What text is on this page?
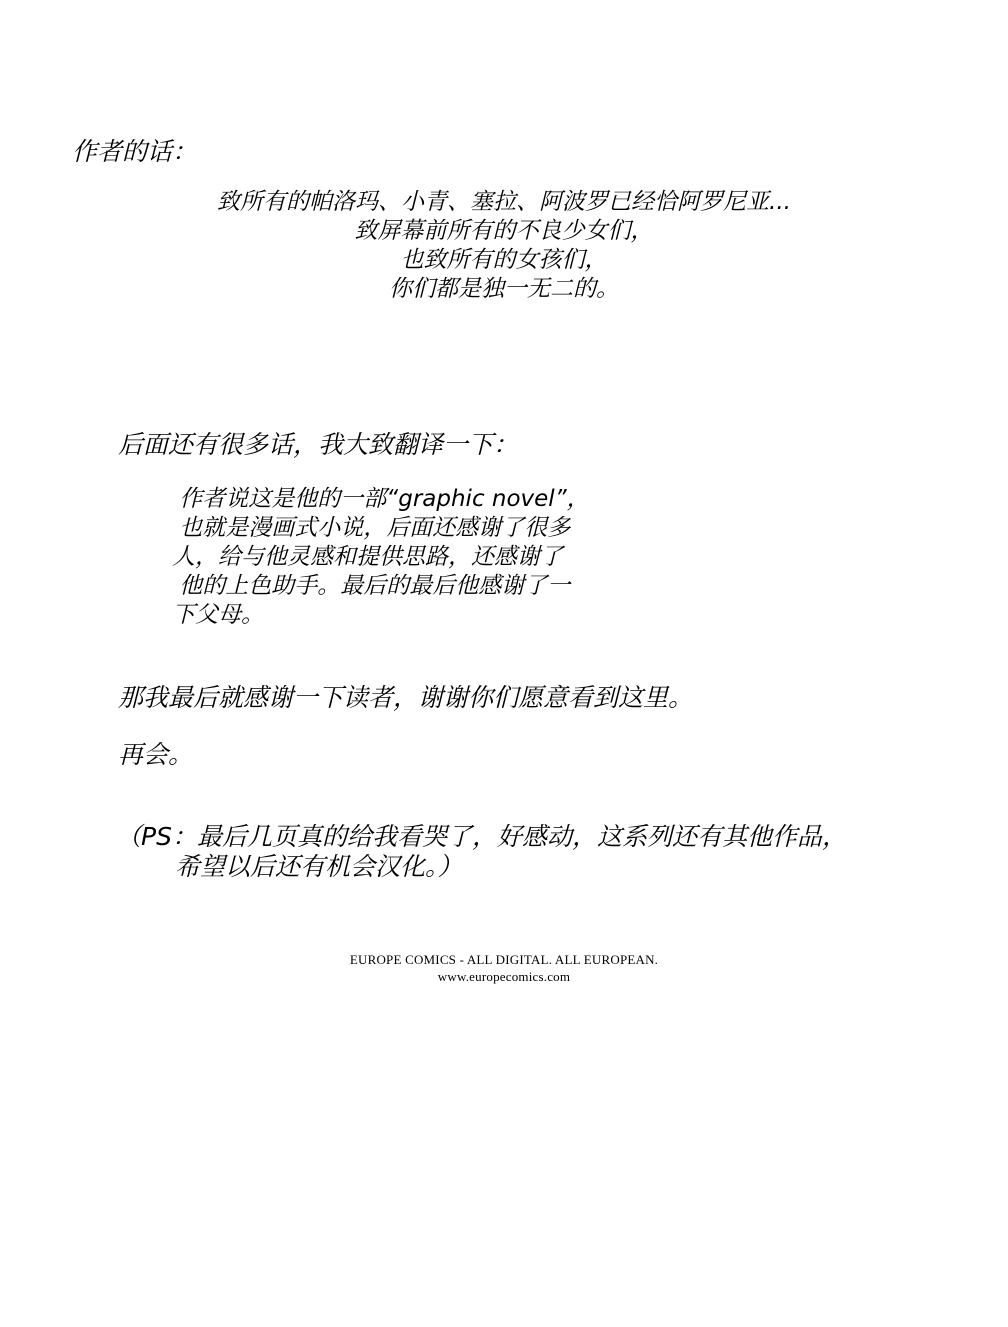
作者的话：

致所有的帕洛玛、小青、塞拉、阿波罗已经恰阿罗尼亚...
致屏幕前所有的不良少女们，
也致所有的女孩们，
你们都是独一无二的。

后面还有很多话，我大致翻译一下：

作者说这是他的一部“graphic novel”，
也就是漫画式小说，后面还感谢了很多
人，给与他灵感和提供思路，还感谢了
他的上色助手。最后的最后他感谢了一
下父母。

那我最后就感谢一下读者，谢谢你们愿意看到这里。

再会。

（PS：最后几页真的给我看哭了，好感动，这系列还有其他作品，

希望以后还有机会汉化。）

EUROPE COMICS - ALL DIGITAL. ALL EUROPEAN.
www.europecomics.com
